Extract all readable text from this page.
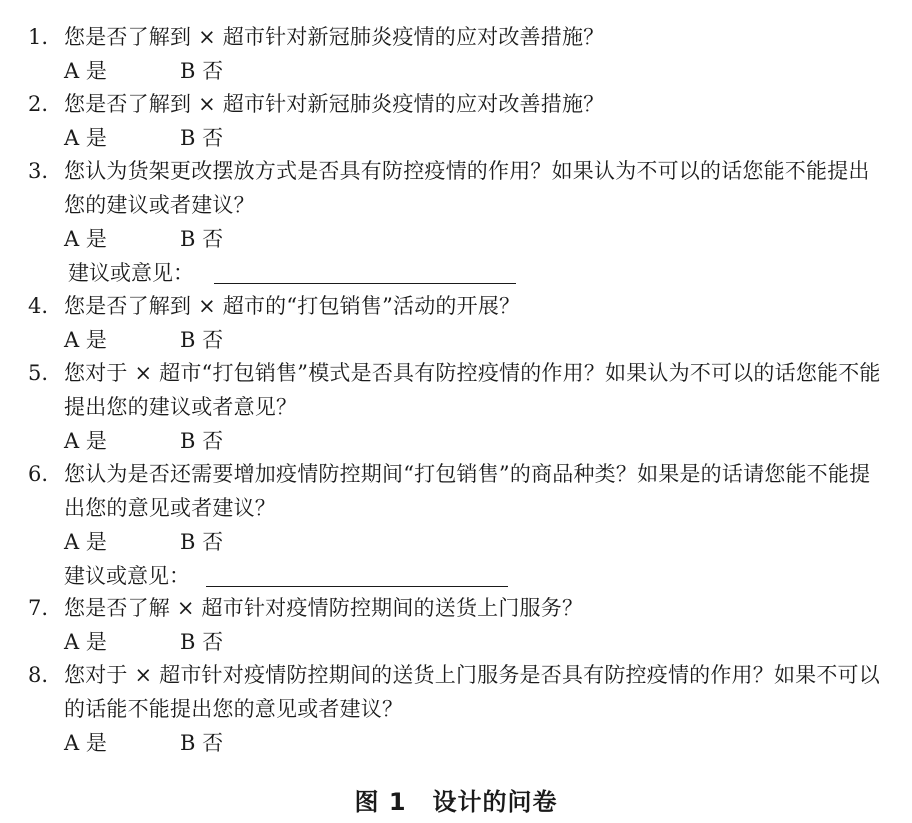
1. 您是否了解到 × 超市针对新冠肺炎疫情的应对改善措施？
A 是	B 否
2. 您是否了解到 × 超市针对新冠肺炎疫情的应对改善措施？
A 是	B 否
3. 您认为货架更改摆放方式是否具有防控疫情的作用？如果认为不可以的话您能不能提出您的建议或者建议？
A 是	B 否
建议或意见：
4. 您是否了解到 × 超市的“打包销售”活动的开展？
A 是	B 否
5. 您对于 × 超市“打包销售”模式是否具有防控疫情的作用？如果认为不可以的话您能不能提出您的建议或者意见？
A 是	B 否
6. 您认为是否还需要增加疫情防控期间“打包销售”的商品种类？如果是的话请您能不能提出您的意见或者建议？
A 是	B 否
建议或意见：
7. 您是否了解 × 超市针对疫情防控期间的送货上门服务？
A 是	B 否
8. 您对于 × 超市针对疫情防控期间的送货上门服务是否具有防控疫情的作用？如果不可以的话能不能提出您的意见或者建议？
A 是	B 否
图 1 设计的问卷
